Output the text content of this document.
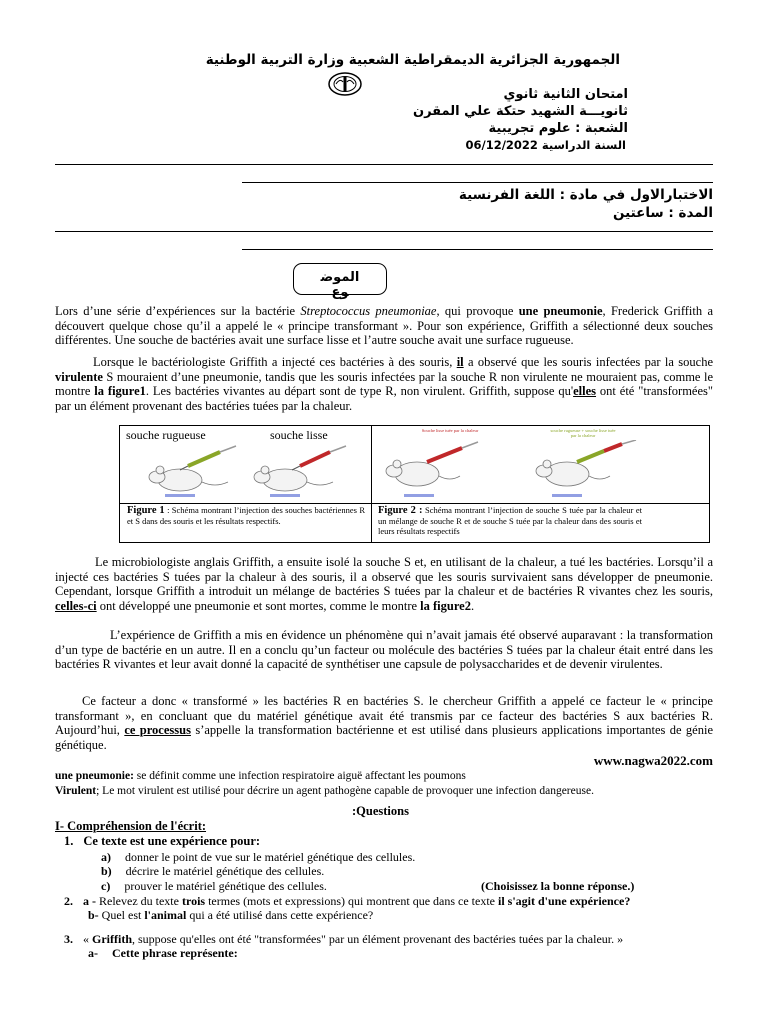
الجمهورية الجزائرية الديمقراطية الشعبية وزارة التربية الوطنية
امتحان الثانية ثانوي
ثانويـــة الشهيد حتكة علي المقرن
الشعبة : علوم تجريبية
السنة الدراسية 06/12/2022
الاختبارالاول في مادة : اللغة الفرنسية
المدة : ساعتين
الموضوع

Lors d’une série d’expériences sur la bactérie Streptococcus pneumoniae, qui provoque une pneumonie, Frederick Griffith a découvert quelque chose qu’il a appelé le « principe transformant ». Pour son expérience, Griffith a sélectionné deux souches différentes. Une souche de bactéries avait une surface lisse et l’autre souche avait une surface rugueuse.

Lorsque le bactériologiste Griffith a injecté ces bactéries à des souris, il a observé que les souris infectées par la souche virulente S mouraient d’une pneumonie, tandis que les souris infectées par la souche R non virulente ne mouraient pas, comme le montre la figure1. Les bactéries vivantes au départ sont de type R, non virulent. Griffith, suppose qu'elles ont été "transformées" par un élément provenant des bactéries tuées par la chaleur.

souche rugueuse	souche lisse	Souche lisse tuée par la chaleur	souche rugueuse + souche lisse tuée par la chaleur
Figure 1 : Schéma montrant l’injection des souches bactériennes R et S dans des souris et les résultats respectifs.
Figure 2 : Schéma montrant l’injection de souche S tuée par la chaleur et un mélange de souche R et de souche S tuée par la chaleur dans des souris et leurs résultats respectifs

Le microbiologiste anglais Griffith, a ensuite isolé la souche S et, en utilisant de la chaleur, a tué les bactéries. Lorsqu’il a injecté ces bactéries S tuées par la chaleur à des souris, il a observé que les souris survivaient sans développer de pneumonie. Cependant, lorsque Griffith a introduit un mélange de bactéries S tuées par la chaleur et de bactéries R vivantes chez les souris, celles-ci ont développé une pneumonie et sont mortes, comme le montre la figure2.

L’expérience de Griffith a mis en évidence un phénomène qui n’avait jamais été observé auparavant : la transformation d’un type de bactérie en un autre. Il en a conclu qu’un facteur ou molécule des bactéries S tuées par la chaleur était entré dans les bactéries R vivantes et leur avait donné la capacité de synthétiser une capsule de polysaccharides et de devenir virulentes.

Ce facteur a donc « transformé » les bactéries R en bactéries S. le chercheur Griffith a appelé ce facteur le « principe transformant », en concluant que du matériel génétique avait été transmis par ce facteur des bactéries S aux bactéries R. Aujourd’hui, ce processus s’appelle la transformation bactérienne et est utilisé dans plusieurs applications importantes de génie génétique.

www.nagwa2022.com
une pneumonie: se définit comme une infection respiratoire aiguë affectant les poumons
Virulent; Le mot virulent est utilisé pour décrire un agent pathogène capable de provoquer une infection dangereuse.
:Questions
I- Compréhension de l'écrit:
1. Ce texte est une expérience pour:
a) donner le point de vue sur le matériel génétique des cellules.
b) décrire le matériel génétique des cellules.
c) prouver le matériel génétique des cellules.	(Choisissez la bonne réponse.)
2. a - Relevez du texte trois termes (mots et expressions) qui montrent que dans ce texte il s'agit d'une expérience?
b- Quel est l'animal qui a été utilisé dans cette expérience?
3. « Griffith, suppose qu'elles ont été "transformées" par un élément provenant des bactéries tuées par la chaleur. »
a- Cette phrase représente:
